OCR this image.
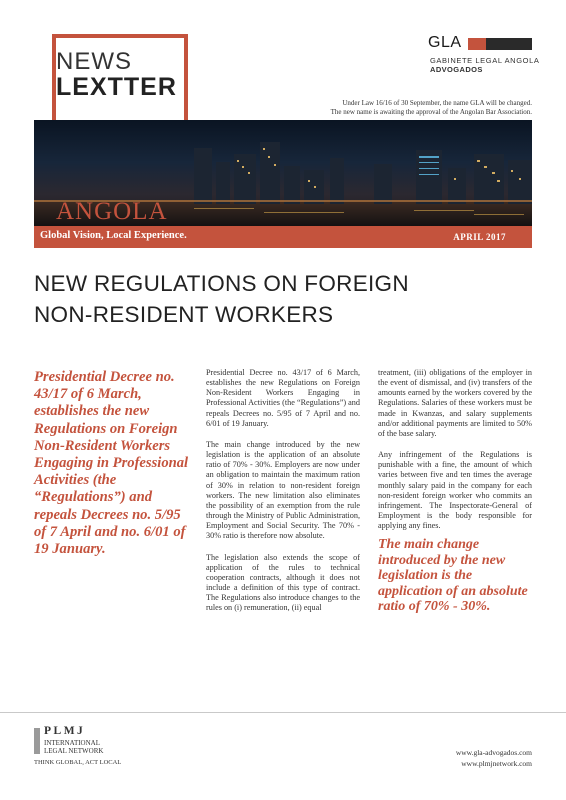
NEWS
LEXTTER
GLA
GABINETE LEGAL ANGOLA
ADVOGADOS
Under Law 16/16 of 30 September, the name GLA will be changed.
The new name is awaiting the approval of the Angolan Bar Association.
ANGOLA
Global Vision, Local Experience.	APRIL 2017
NEW REGULATIONS ON FOREIGN
NON-RESIDENT WORKERS
Presidential Decree no. 43/17 of 6 March, establishes the new Regulations on Foreign Non-Resident Workers Engaging in Professional Activities (the “Regulations”) and repeals Decrees no. 5/95 of 7 April and no. 6/01 of 19 January.

Presidential Decree no. 43/17 of 6 March, establishes the new Regulations on Foreign Non-Resident Workers Engaging in Professional Activities (the “Regulations”) and repeals Decrees no. 5/95 of 7 April and no. 6/01 of 19 January.

The main change introduced by the new legislation is the application of an absolute ratio of 70% - 30%. Employers are now under an obligation to maintain the maximum ration of 30% in relation to non-resident foreign workers. The new limitation also eliminates the possibility of an exemption from the rule through the Ministry of Public Administration, Employment and Social Security. The 70% - 30% ratio is therefore now absolute.

The legislation also extends the scope of application of the rules to technical cooperation contracts, although it does not include a definition of this type of contract. The Regulations also introduce changes to the rules on (i) remuneration, (ii) equal

treatment, (iii) obligations of the employer in the event of dismissal, and (iv) transfers of the amounts earned by the workers covered by the Regulations. Salaries of these workers must be made in Kwanzas, and salary supplements and/or additional payments are limited to 50% of the base salary.

Any infringement of the Regulations is punishable with a fine, the amount of which varies between five and ten times the average monthly salary paid in the company for each non-resident foreign worker who commits an infringement. The Inspectorate-General of Employment is the body responsible for applying any fines.

The main change introduced by the new legislation is the application of an absolute ratio of 70% - 30%.
PLMJ
INTERNATIONAL
LEGAL NETWORK
THINK GLOBAL, ACT LOCAL
www.gla-advogados.com
www.plmjnetwork.com
